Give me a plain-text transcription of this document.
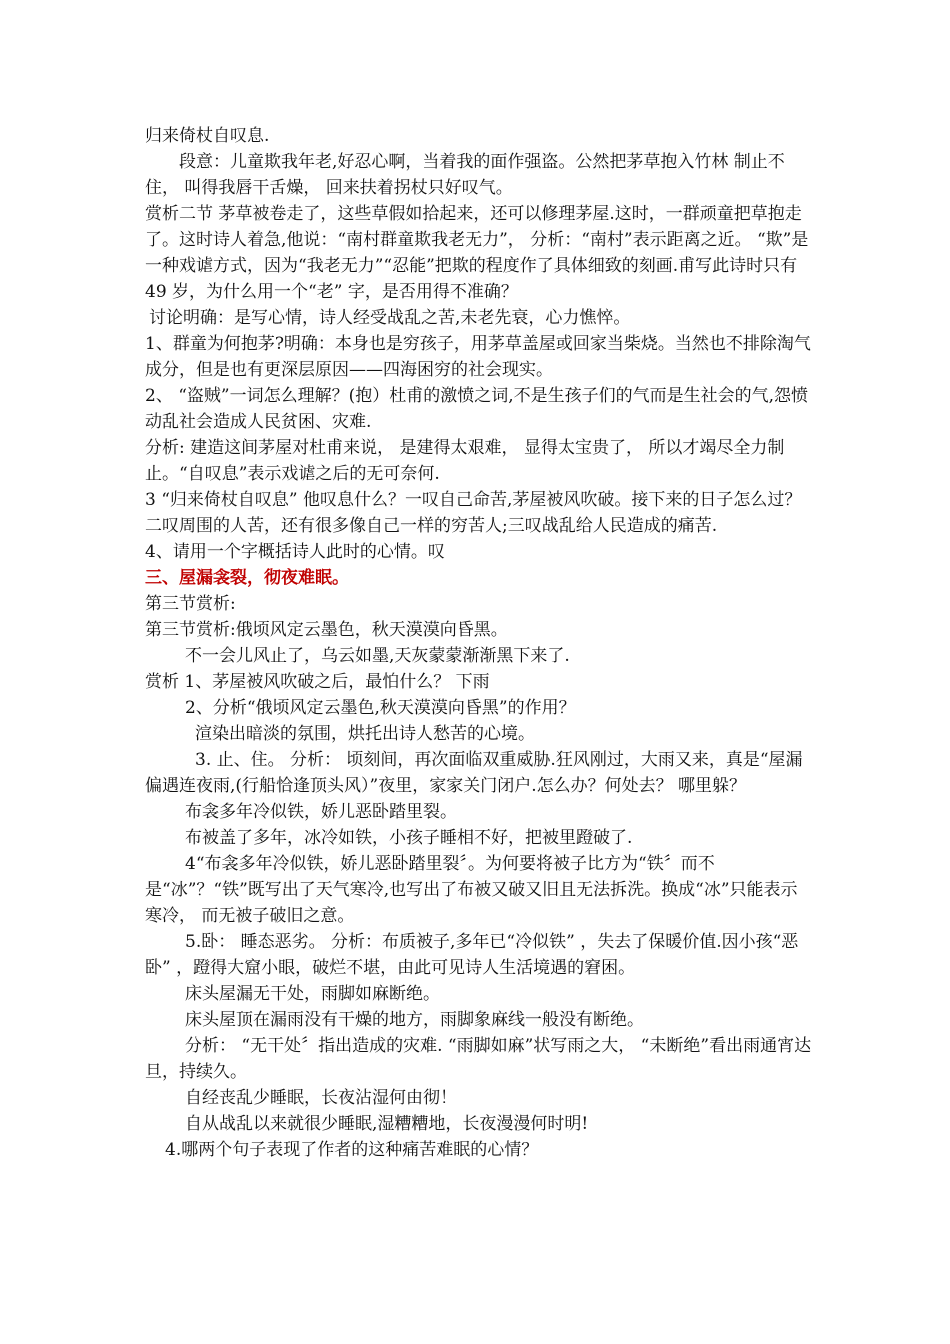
归来倚杖自叹息.

段意：儿童欺我年老,好忍心啊，当着我的面作强盗。公然把茅草抱入竹林 制止不住， 叫得我唇干舌燥， 回来扶着拐杖只好叹气。

赏析二节 茅草被卷走了，这些草假如拾起来，还可以修理茅屋.这时，一群顽童把草抱走了。这时诗人着急,他说：“南村群童欺我老无力”， 分析：“南村”表示距离之近。 “欺”是一种戏谑方式，因为“我老无力”“忍能”把欺的程度作了具体细致的刻画.甫写此诗时只有 49 岁，为什么用一个“老” 字，是否用得不准确？

讨论明确：是写心情，诗人经受战乱之苦,未老先衰，心力憔悴。

1、群童为何抱茅?明确：本身也是穷孩子，用茅草盖屋或回家当柴烧。当然也不排除淘气 成分，但是也有更深层原因——四海困穷的社会现实。

2、 “盗贼”一词怎么理解？(抱）杜甫的激愤之词,不是生孩子们的气而是生社会的气,怨愤动乱社会造成人民贫困、灾难.

分析: 建造这间茅屋对杜甫来说， 是建得太艰难， 显得太宝贵了， 所以才竭尽全力制止。“自叹息”表示戏谑之后的无可奈何.

3 “归来倚杖自叹息” 他叹息什么？一叹自己命苦,茅屋被风吹破。接下来的日子怎么过？ 二叹周围的人苦，还有很多像自己一样的穷苦人;三叹战乱给人民造成的痛苦.

4、请用一个字概括诗人此时的心情。叹

三、屋漏衾裂，彻夜难眠。

第三节赏析:

第三节赏析:俄顷风定云墨色，秋天漠漠向昏黑。

不一会儿风止了，乌云如墨,天灰蒙蒙渐渐黑下来了.

赏析 1、茅屋被风吹破之后，最怕什么？ 下雨

2、分析“俄顷风定云墨色,秋天漠漠向昏黑”的作用？

渲染出暗淡的氛围，烘托出诗人愁苦的心境。

3. 止、住。 分析： 顷刻间，再次面临双重威胁.狂风刚过，大雨又来，真是“屋漏偏遇连夜雨,(行船恰逢顶头风）”夜里，家家关门闭户.怎么办？何处去？ 哪里躲？

布衾多年冷似铁，娇儿恶卧踏里裂。

布被盖了多年，冰冷如铁，小孩子睡相不好，把被里蹬破了.

4“布衾多年冷似铁，娇儿恶卧踏里裂〞。为何要将被子比方为“铁〞而不是“冰”？“铁”既写出了天气寒冷,也写出了布被又破又旧且无法拆洗。换成“冰”只能表示寒冷， 而无被子破旧之意。

5.卧： 睡态恶劣。 分析：布质被子,多年已“冷似铁” ，失去了保暖价值.因小孩“恶卧” ，蹬得大窟小眼，破烂不堪，由此可见诗人生活境遇的窘困。

床头屋漏无干处，雨脚如麻断绝。

床头屋顶在漏雨没有干燥的地方，雨脚象麻线一般没有断绝。

分析： “无干处〞指出造成的灾难. “雨脚如麻”状写雨之大， “未断绝”看出雨通宵达 旦，持续久。

自经丧乱少睡眠，长夜沾湿何由彻！

自从战乱以来就很少睡眠,湿糟糟地，长夜漫漫何时明!

4.哪两个句子表现了作者的这种痛苦难眠的心情？
